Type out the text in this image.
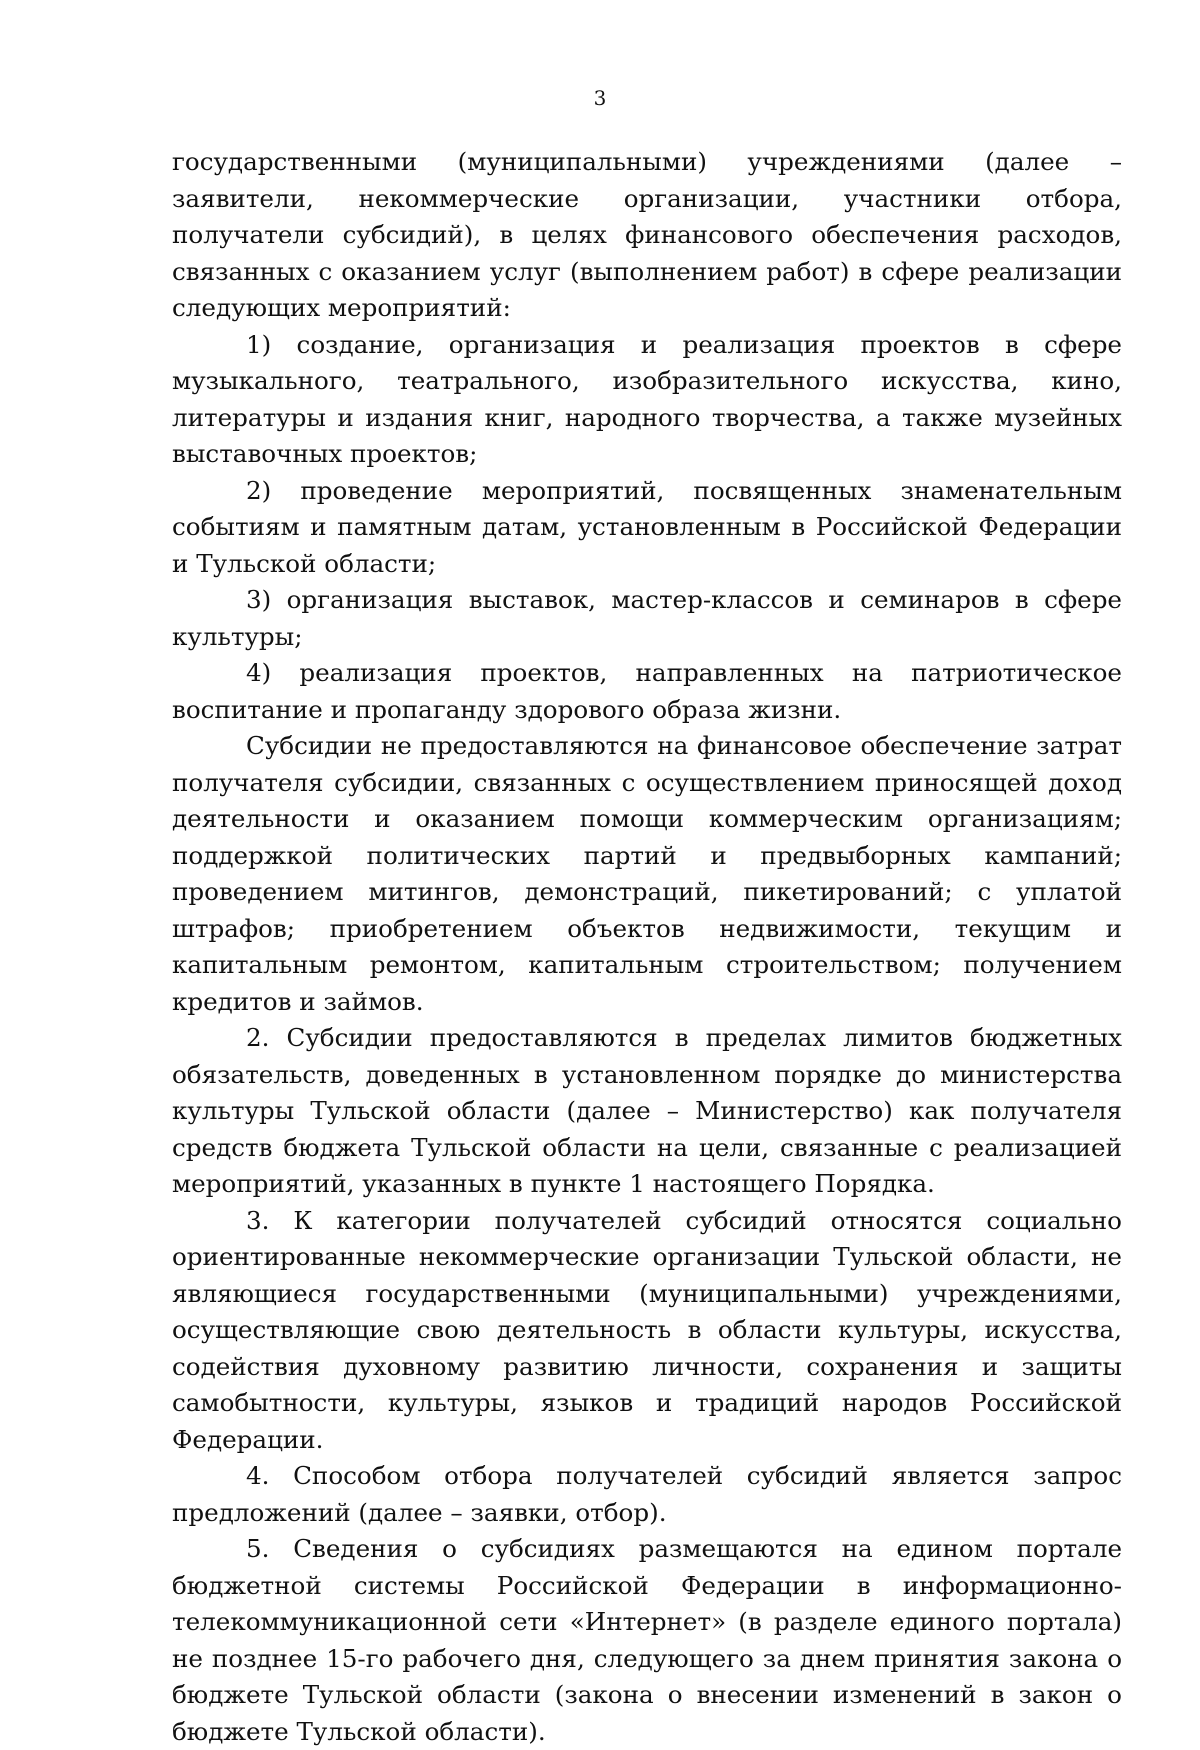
3

государственными (муниципальными) учреждениями (далее – заявители, некоммерческие организации, участники отбора, получатели субсидий), в целях финансового обеспечения расходов, связанных с оказанием услуг (выполнением работ) в сфере реализации следующих мероприятий:

1) создание, организация и реализация проектов в сфере музыкального, театрального, изобразительного искусства, кино, литературы и издания книг, народного творчества, а также музейных выставочных проектов;

2) проведение мероприятий, посвященных знаменательным событиям и памятным датам, установленным в Российской Федерации и Тульской области;

3) организация выставок, мастер-классов и семинаров в сфере культуры;

4) реализация проектов, направленных на патриотическое воспитание и пропаганду здорового образа жизни.

Субсидии не предоставляются на финансовое обеспечение затрат получателя субсидии, связанных с осуществлением приносящей доход деятельности и оказанием помощи коммерческим организациям; поддержкой политических партий и предвыборных кампаний; проведением митингов, демонстраций, пикетирований; с уплатой штрафов; приобретением объектов недвижимости, текущим и капитальным ремонтом, капитальным строительством; получением кредитов и займов.

2. Субсидии предоставляются в пределах лимитов бюджетных обязательств, доведенных в установленном порядке до министерства культуры Тульской области (далее – Министерство) как получателя средств бюджета Тульской области на цели, связанные с реализацией мероприятий, указанных в пункте 1 настоящего Порядка.

3. К категории получателей субсидий относятся социально ориентированные некоммерческие организации Тульской области, не являющиеся государственными (муниципальными) учреждениями, осуществляющие свою деятельность в области культуры, искусства, содействия духовному развитию личности, сохранения и защиты самобытности, культуры, языков и традиций народов Российской Федерации.

4. Способом отбора получателей субсидий является запрос предложений (далее – заявки, отбор).

5. Сведения о субсидиях размещаются на едином портале бюджетной системы Российской Федерации в информационно-телекоммуникационной сети «Интернет» (в разделе единого портала) не позднее 15-го рабочего дня, следующего за днем принятия закона о бюджете Тульской области (закона о внесении изменений в закон о бюджете Тульской области).
